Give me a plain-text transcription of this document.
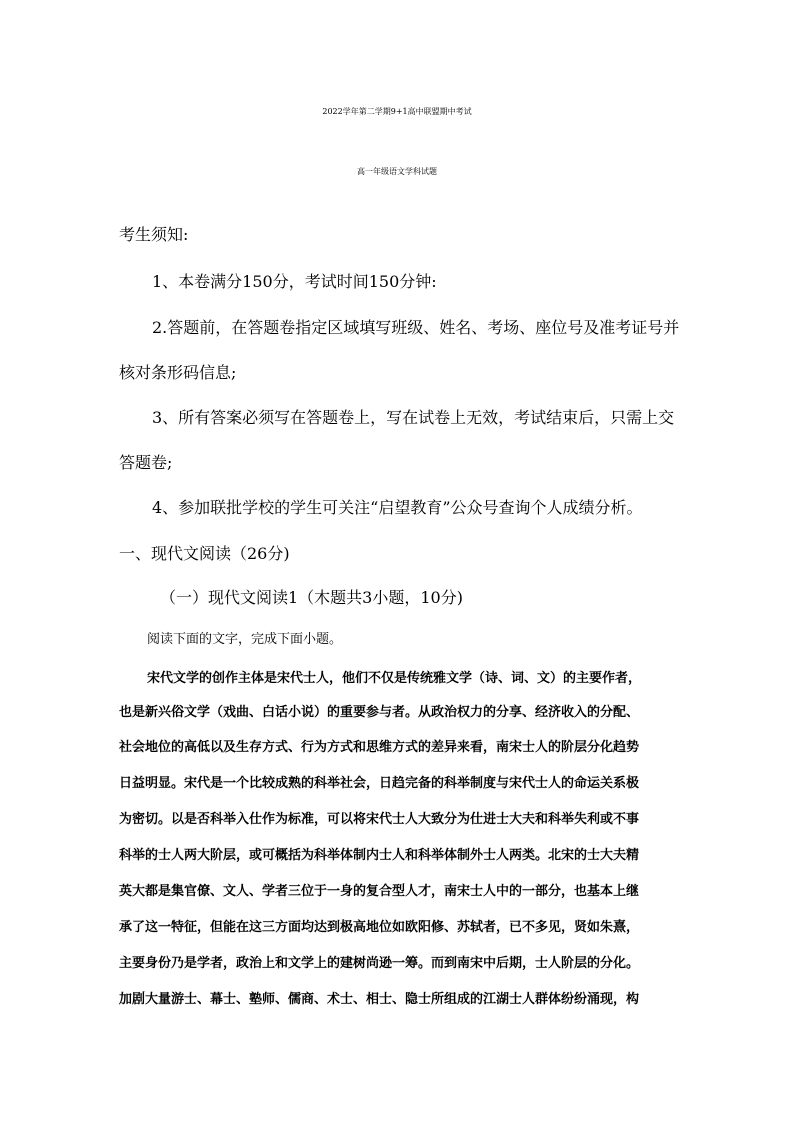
2022学年第二学期9+1高中联盟期中考试
高一年级语文学科试题
考生须知:
1、本卷满分150分，考试时间150分钟:
2.答题前，在答题卷指定区域填写班级、姓名、考场、座位号及准考证号并
核对条形码信息;
3、所有答案必须写在答题卷上，写在试卷上无效，考试结束后，只需上交
答题卷;
4、参加联批学校的学生可关注“启望教育”公众号查询个人成绩分析。
一、现代文阅读（26分)
（一）现代文阅读1（木题共3小题，10分)
阅读下面的文字，完成下面小题。
宋代文学的创作主体是宋代士人，他们不仅是传统雅文学（诗、词、文）的主要作者，
也是新兴俗文学（戏曲、白话小说）的重要参与者。从政治权力的分享、经济收入的分配、
社会地位的高低以及生存方式、行为方式和思维方式的差异来看，南宋士人的阶层分化趋势
日益明显。宋代是一个比较成熟的科举社会，日趋完备的科举制度与宋代士人的命运关系极
为密切。以是否科举入仕作为标准，可以将宋代士人大致分为仕进士大夫和科举失利或不事
科举的士人两大阶层，或可概括为科举体制内士人和科举体制外士人两类。北宋的士大夫精
英大都是集官僚、文人、学者三位于一身的复合型人才，南宋士人中的一部分，也基本上继
承了这一特征，但能在这三方面均达到极高地位如欧阳修、苏轼者，已不多见，贤如朱熹，
主要身份乃是学者，政治上和文学上的建树尚逊一筹。而到南宋中后期，士人阶层的分化。
加剧大量游士、幕士、塾师、儒商、术士、相士、隐士所组成的江湖士人群体纷纷涌现，构
